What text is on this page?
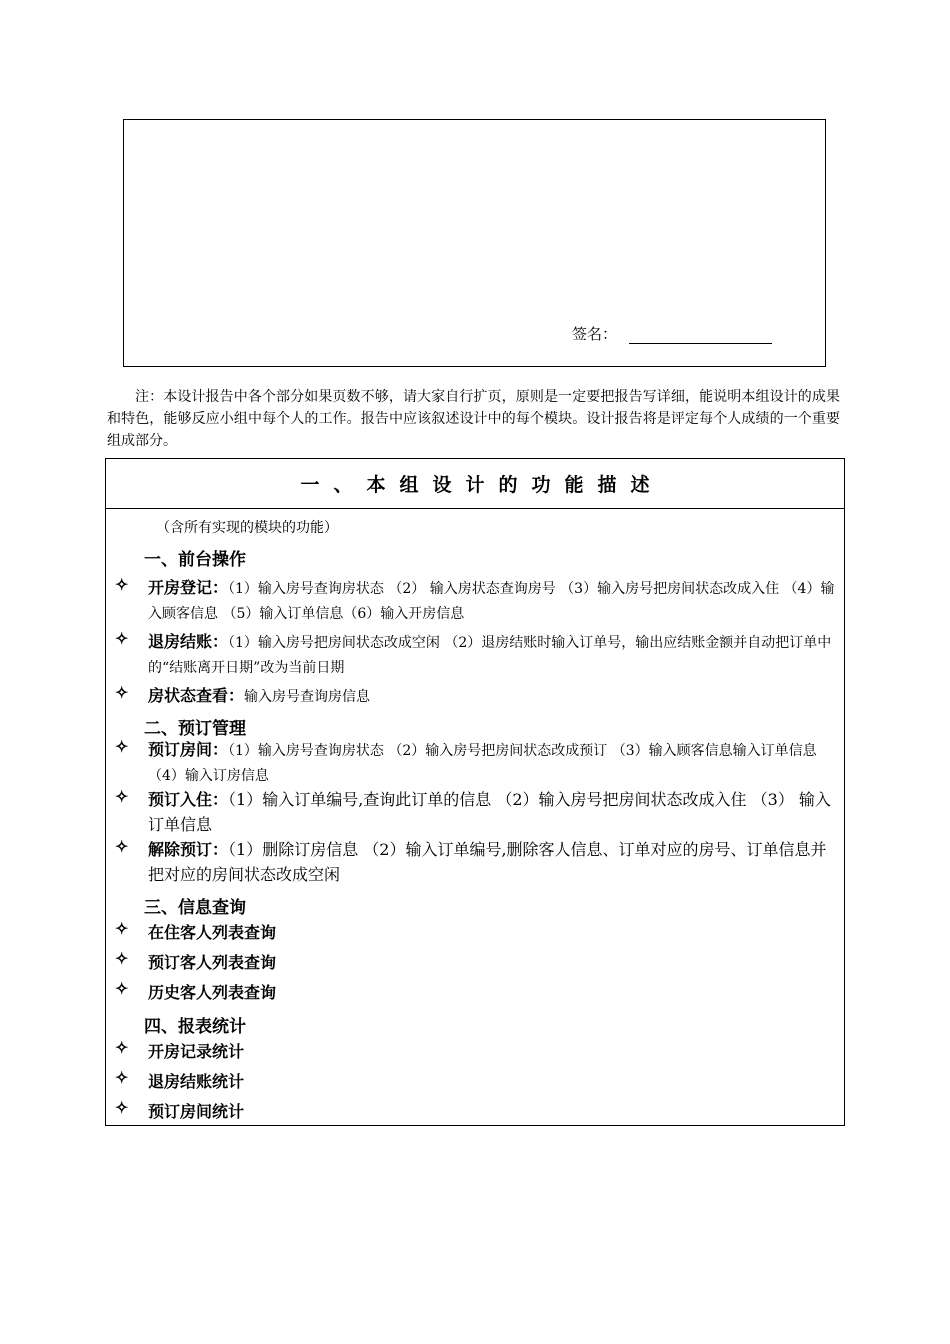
签名：
注：本设计报告中各个部分如果页数不够，请大家自行扩页，原则是一定要把报告写详细，能说明本组设计的成果和特色，能够反应小组中每个人的工作。报告中应该叙述设计中的每个模块。设计报告将是评定每个人成绩的一个重要组成部分。
一、本组设计的功能描述
（含所有实现的模块的功能）
一、前台操作
✧	开房登记：（1）输入房号查询房状态 （2） 输入房状态查询房号 （3）输入房号把房间状态改成入住 （4）输入顾客信息 （5）输入订单信息（6）输入开房信息
✧	退房结账：（1）输入房号把房间状态改成空闲 （2）退房结账时输入订单号，输出应结账金额并自动把订单中的“结账离开日期”改为当前日期
✧	房状态查看：输入房号查询房信息
二、预订管理
✧	预订房间：（1）输入房号查询房状态 （2）输入房号把房间状态改成预订 （3）输入顾客信息输入订单信息 （4）输入订房信息
✧	预订入住：（1）输入订单编号,查询此订单的信息 （2）输入房号把房间状态改成入住 （3） 输入订单信息
✧	解除预订：（1）删除订房信息 （2）输入订单编号,删除客人信息、订单对应的房号、订单信息并把对应的房间状态改成空闲
三、信息查询
✧	在住客人列表查询
✧	预订客人列表查询
✧	历史客人列表查询
四、报表统计
✧	开房记录统计
✧	退房结账统计
✧	预订房间统计
